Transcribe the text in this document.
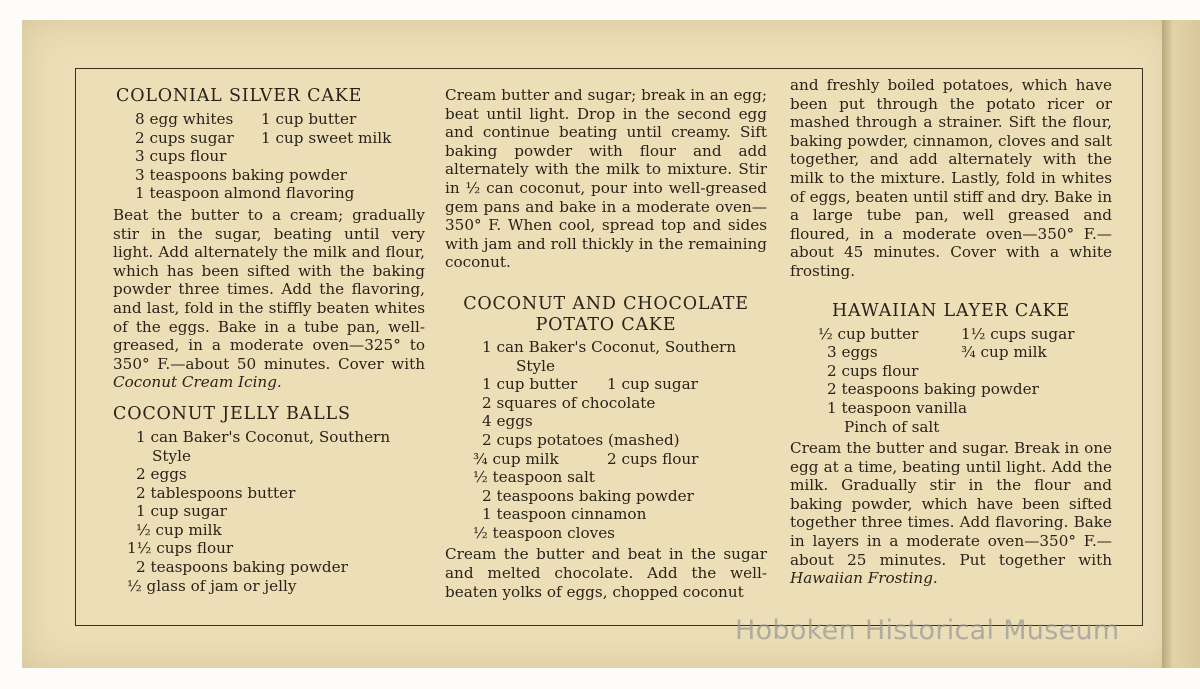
COLONIAL SILVER CAKE
8 egg whites	1 cup butter
2 cups sugar	1 cup sweet milk
3 cups flour
3 teaspoons baking powder
1 teaspoon almond flavoring

Beat the butter to a cream; gradually stir in the sugar, beating until very light. Add alternately the milk and flour, which has been sifted with the baking powder three times. Add the flavoring, and last, fold in the stiffly beaten whites of the eggs. Bake in a tube pan, well-greased, in a moderate oven—325° to 350° F.—about 50 minutes. Cover with Coconut Cream Icing.

COCONUT JELLY BALLS
1 can Baker's Coconut, Southern
Style
2 eggs
2 tablespoons butter
1 cup sugar
½ cup milk
1½ cups flour
2 teaspoons baking powder
½ glass of jam or jelly

Cream butter and sugar; break in an egg; beat until light. Drop in the second egg and continue beating until creamy. Sift baking powder with flour and add alternately with the milk to mixture. Stir in ½ can coconut, pour into well-greased gem pans and bake in a moderate oven—350° F. When cool, spread top and sides with jam and roll thickly in the remaining coconut.

COCONUT AND CHOCOLATE
POTATO CAKE
1 can Baker's Coconut, Southern
Style
1 cup butter	1 cup sugar
2 squares of chocolate
4 eggs
2 cups potatoes (mashed)
¾ cup milk	2 cups flour
½ teaspoon salt
2 teaspoons baking powder
1 teaspoon cinnamon
½ teaspoon cloves

Cream the butter and beat in the sugar and melted chocolate. Add the well-beaten yolks of eggs, chopped coconut

and freshly boiled potatoes, which have been put through the potato ricer or mashed through a strainer. Sift the flour, baking powder, cinnamon, cloves and salt together, and add alternately with the milk to the mixture. Lastly, fold in whites of eggs, beaten until stiff and dry. Bake in a large tube pan, well greased and floured, in a moderate oven—350° F.—about 45 minutes. Cover with a white frosting.

HAWAIIAN LAYER CAKE
½ cup butter	1½ cups sugar
3 eggs	¾ cup milk
2 cups flour
2 teaspoons baking powder
1 teaspoon vanilla
Pinch of salt

Cream the butter and sugar. Break in one egg at a time, beating until light. Add the milk. Gradually stir in the flour and baking powder, which have been sifted together three times. Add flavoring. Bake in layers in a moderate oven—350° F.—about 25 minutes. Put together with Hawaiian Frosting.

Hoboken Historical Museum
